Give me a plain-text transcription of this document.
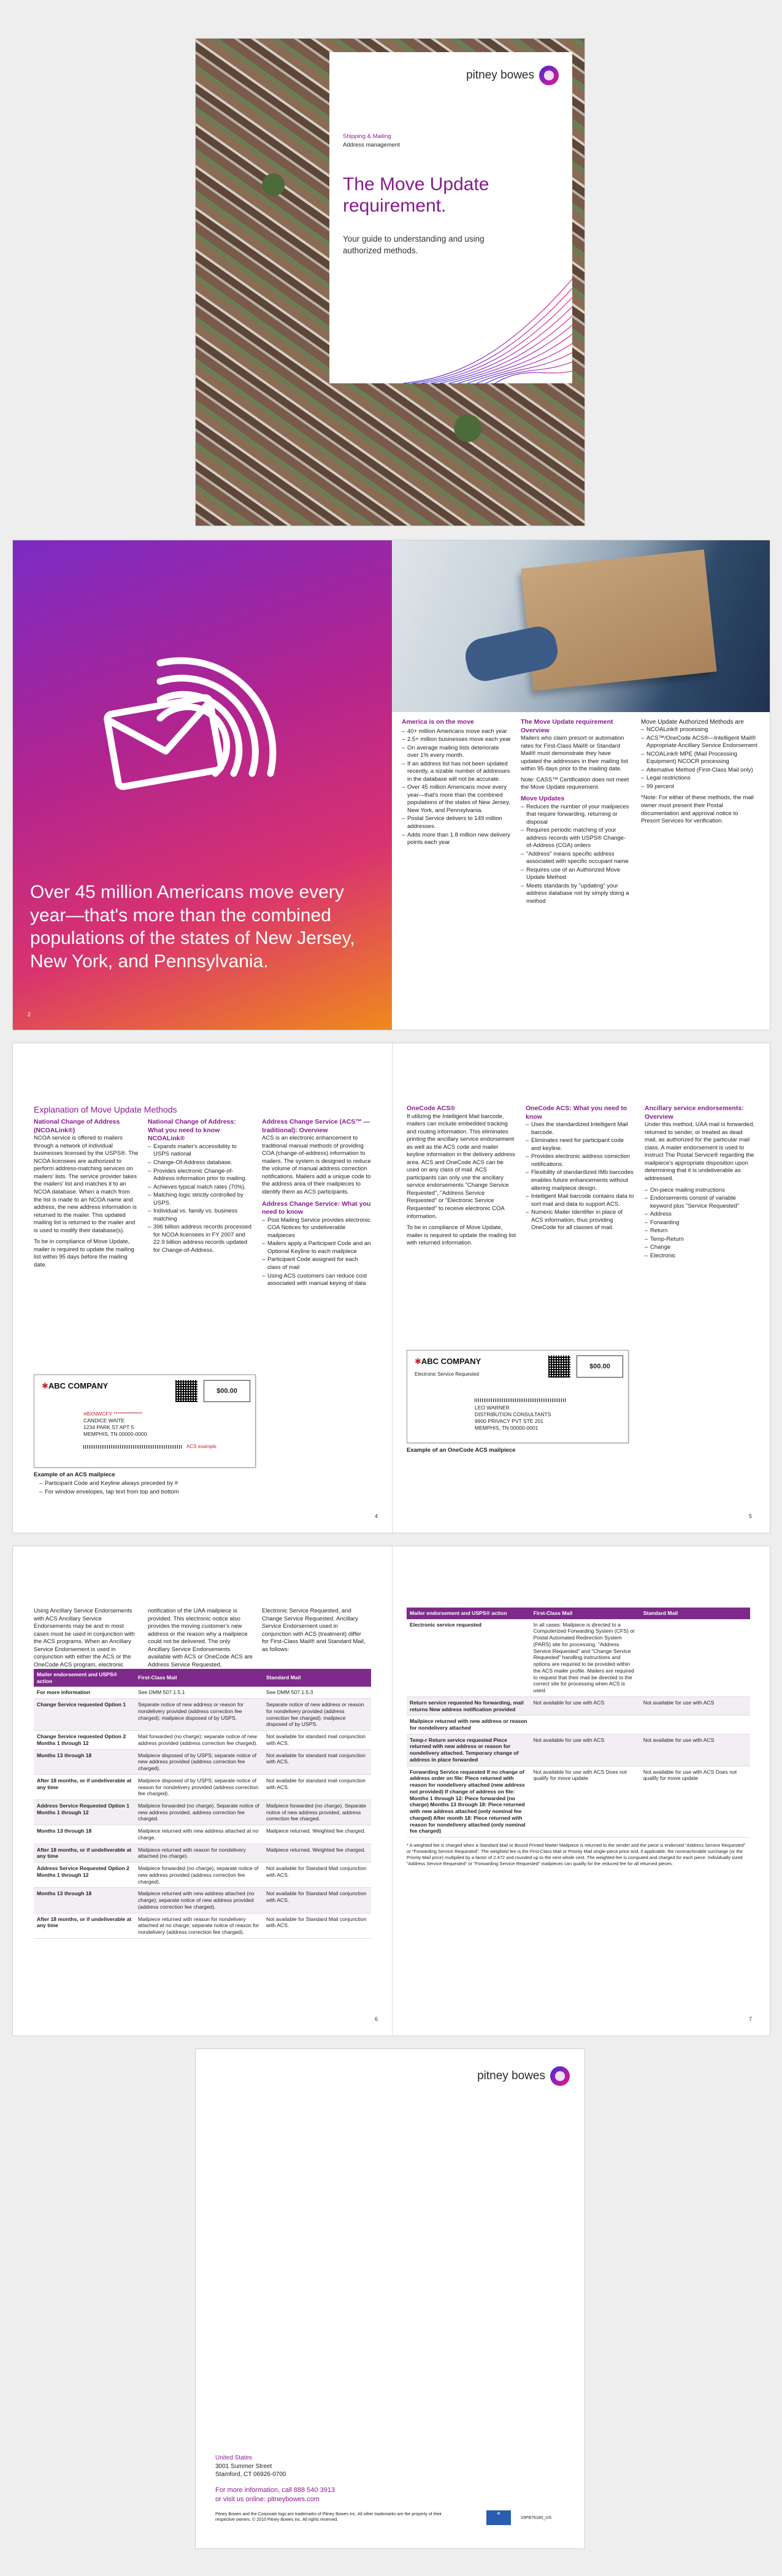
pitney bowes
Shipping & Mailing
Address management
The Move Update requirement.
Your guide to understanding and using authorized methods.
Over 45 million Americans move every year—that's more than the combined populations of the states of New Jersey, New York, and Pennsylvania.
2
America is on the move
– 40+ million Americans move each year
– 2.5+ million businesses move each year
– On average mailing lists deteriorate over 1% every month.
– If an address list has not been updated recently, a sizable number of addresses in the database will not be accurate.
– Over 45 million Americans move every year—that's more than the combined populations of the states of New Jersey, New York, and Pennsylvania.
– Postal Service delivers to 149 million addresses.
– Adds more than 1.8 million new delivery points each year
The Move Update requirement
Overview
Mailers who claim presort or automation rates for First-Class Mail® or Standard Mail® must demonstrate they have updated the addresses in their mailing list within 95 days prior to the mailing date.
Note: CASS™ Certification does not meet the Move Update requirement.
Move Updates
– Reduces the number of your mailpieces that require forwarding, returning or disposal
– Requires periodic matching of your address records with USPS® Change-of-Address (COA) orders
– "Address" means specific address associated with specific occupant name
– Requires use of an Authorized Move Update Method
– Meets standards by "updating" your address database not by simply doing a method
Move Update Authorized Methods are
– NCOALink® processing
– ACS™/OneCode ACS®—Intelligent Mail® Appropriate Ancillary Service Endorsement
– NCOALink® MPE (Mail Processing Equipment) NCOCR processing
– Alternative Method (First-Class Mail only)
– Legal restrictions
– 99 percent
*Note: For either of these methods, the mail owner must present their Postal documentation and approval notice to Presort Services for verification.
Explanation of Move Update Methods
National Change of Address (NCOALink®)
NCOA service is offered to mailers through a network of individual businesses licensed by the USPS®. The NCOA licensees are authorized to perform address-matching services on mailers' lists. The service provider takes the mailers' list and matches it to an NCOA database. When a match from the list is made to an NCOA name and address, the new address information is returned to the mailer. This updated mailing list is returned to the mailer and is used to modify their database(s).
To be in compliance of Move Update, mailer is required to update the mailing list within 95 days before the mailing date.
National Change of Address: What you need to know NCOALink®
– Expands mailer's accessibility to USPS national
– Change-Of-Address database.
– Provides electronic Change-of-Address information prior to mailing.
– Achieves typical match rates (70%).
– Matching logic strictly controlled by USPS.
– Individual vs. family vs. business matching
– 396 billion address records processed for NCOA licensees in FY 2007 and 22.9 billion address records updated for Change-of-Address.
Address Change Service (ACS™ — traditional): Overview
ACS is an electronic enhancement to traditional manual methods of providing COA (change-of-address) information to mailers. The system is designed to reduce the volume of manual address correction notifications. Mailers add a unique code to the address area of their mailpieces to identify them as ACS participants.
Address Change Service: What you need to know
– Post Mailing Service provides electronic COA Notices for undeliverable mailpieces
– Mailers apply a Participant Code and an Optional Keyline to each mailpiece
– Participant Code assigned for each class of mail
– Using ACS customers can reduce cost associated with manual keying of data
✱ABC COMPANY
$00.00
#BXNWCFY **************
CANDICE WAITE
1234 PARK ST APT 5
MEMPHIS, TN 00000-0000
ACS example
Example of an ACS mailpiece
– Participant Code and Keyline always preceded by #
– For window envelopes, tap text from top and bottom
4
OneCode ACS®
If utilizing the Intelligent Mail barcode, mailers can include embedded tracking and routing information. This eliminates printing the ancillary service endorsement as well as the ACS code and mailer keyline information in the delivery address area. ACS and OneCode ACS can be used on any class of mail. ACS participants can only use the ancillary service endorsements "Change Service Requested", "Address Service Requested" or "Electronic Service Requested" to receive electronic COA information.
To be in compliance of Move Update, mailer is required to update the mailing list with returned information.
OneCode ACS: What you need to know
– Uses the standardized Intelligent Mail barcode.
– Eliminates need for participant code and keyline.
– Provides electronic address correction notifications.
– Flexibility of standardized IMb barcodes enables future enhancements without altering mailpiece design.
– Intelligent Mail barcode contains data to sort mail and data to support ACS.
– Numeric Mailer Identifier in place of ACS information, thus providing OneCode for all classes of mail.
Ancillary service endorsements: Overview
Under this method, UAA mail is forwarded, returned to sender, or treated as dead mail, as authorized for the particular mail class. A mailer endorsement is used to instruct The Postal Service® regarding the mailpiece's appropriate disposition upon determining that it is undeliverable as addressed.
– On-piece mailing instructions
– Endorsements consist of variable keyword plus "Service Requested"
– Address
– Forwarding
– Return
– Temp-Return
– Change
– Electronic
✱ABC COMPANY
Electronic Service Requested
$00.00
LEO WARNER
DISTRIBUTION CONSULTANTS
9900 PRIVACY PVT STE 201
MEMPHIS, TN 00000-0001
Example of an OneCode ACS mailpiece
5
Using Ancillary Service Endorsements with ACS Ancillary Service Endorsements may be and in most cases must be used in conjunction with the ACS programs. When an Ancillary Service Endorsement is used in conjunction with either the ACS or the OneCode ACS program, electronic
notification of the UAA mailpiece is provided. This electronic notice also provides the moving customer's new address or the reason why a mailpiece could not be delivered. The only Ancillary Service Endorsements available with ACS or OneCode ACS are Address Service Requested,
Electronic Service Requested, and Change Service Requested. Ancillary Service Endorsement used in conjunction with ACS (treatment) differ for First-Class Mail® and Standard Mail, as follows:
Mailer endorsement and USPS® action	First-Class Mail	Standard Mail
For more information	See DMM 507.1.5.1	See DMM 507.1.5.3
Change Service requested Option 1	Separate notice of new address or reason for nondelivery provided (address correction fee charged); mailpiece disposed of by USPS.	Separate notice of new address or reason for nondelivery provided (address correction fee charged); mailpiece disposed of by USPS.
Change Service requested Option 2 Months 1 through 12	Mail forwarded (no charge); separate notice of new address provided (address correction fee charged).	Not available for standard mail conjunction with ACS.
Months 13 through 18	Mailpiece disposed of by USPS; separate notice of new address provided (address correction fee charged).	Not available for standard mail conjunction with ACS.
After 18 months, or if undeliverable at any time	Mailpiece disposed of by USPS; separate notice of reason for nondelivery provided (address correction fee charged).	Not available for standard mail conjunction with ACS.
Address Service Requested Option 1 Months 1 through 12	Mailpiece forwarded (no charge). Separate notice of new address provided, address correction fee charged.	Mailpiece forwarded (no charge). Separate notice of new address provided, address correction fee charged.
Months 13 through 18	Mailpiece returned with new address attached at no charge.	Mailpiece returned. Weighted fee charged.
After 18 months, or if undeliverable at any time	Mailpiece returned with reason for nondelivery attached (no charge).	Mailpiece returned. Weighted fee charged.
Address Service Requested Option 2 Months 1 through 12	Mailpiece forwarded (no charge); separate notice of new address provided (address correction fee charged).	Not available for Standard Mail conjunction with ACS.
Months 13 through 18	Mailpiece returned with new address attached (no charge); separate notice of new address provided (address correction fee charged).	Not available for Standard Mail conjunction with ACS.
After 18 months, or if undeliverable at any time	Mailpiece returned with reason for nondelivery attached at no charge; separate notice of reason for nondelivery (address correction fee charged).	Not available for Standard Mail conjunction with ACS.
6
Mailer endorsement and USPS® action	First-Class Mail	Standard Mail
Electronic service requested	In all cases: Mailpiece is directed to a Computerized Forwarding System (CFS) or Postal Automated Redirection System (PARS) site for processing. "Address Service Requested" and "Change Service Requested" handling instructions and options are required to be provided within the ACS mailer profile. Mailers are required to request that their mail be directed to the correct site for processing when ACS is used.	
Return service requested No forwarding, mail returns New address notification provided	Not available for use with ACS	Not available for use with ACS
Mailpiece returned with new address or reason for nondelivery attached		
Temp-r Return service requested Piece returned with new address or reason for nondelivery attached. Temporary change of address in place forwarded	Not available for use with ACS	Not available for use with ACS
Forwarding Service requested If no change of address order on file: Piece returned with reason for nondelivery attached (new address not provided) If change of address on file: Months 1 through 12: Piece forwarded (no charge) Months 13 through 18: Piece returned with new address attached (only nominal fee charged) After month 18: Piece returned with reason for nondelivery attached (only nominal fee charged)	Not available for use with ACS Does not qualify for move update	Not available for use with ACS Does not qualify for move update
* A weighted fee is charged when a Standard Mail or Bound Printed Matter Mailpiece is returned to the sender and the piece is endorsed "Address Service Requested" or "Forwarding Service Requested". The weighted fee is the First-Class Mail or Priority Mail single-piece price and, if applicable, the nonmachinable surcharge (or the Priority Mail price) multiplied by a factor of 2.472 and rounded up to the next whole cent. The weighted fee is computed and charged for each piece. Individually sized "Address Service Requested" or "Forwarding Service Requested" mailpieces can qualify for the reduced fee for all returned pieces.
7
pitney bowes
United States
3001 Summer Street
Stamford, CT 06926-0700
For more information, call 888 540 3913
or visit us online: pitneybowes.com
Pitney Bowes and the Corporate logo are trademarks of Pitney Bowes Inc. All other trademarks are the property of their respective owners. © 2015 Pitney Bowes Inc. All rights reserved.
♻
15PB76180_US
